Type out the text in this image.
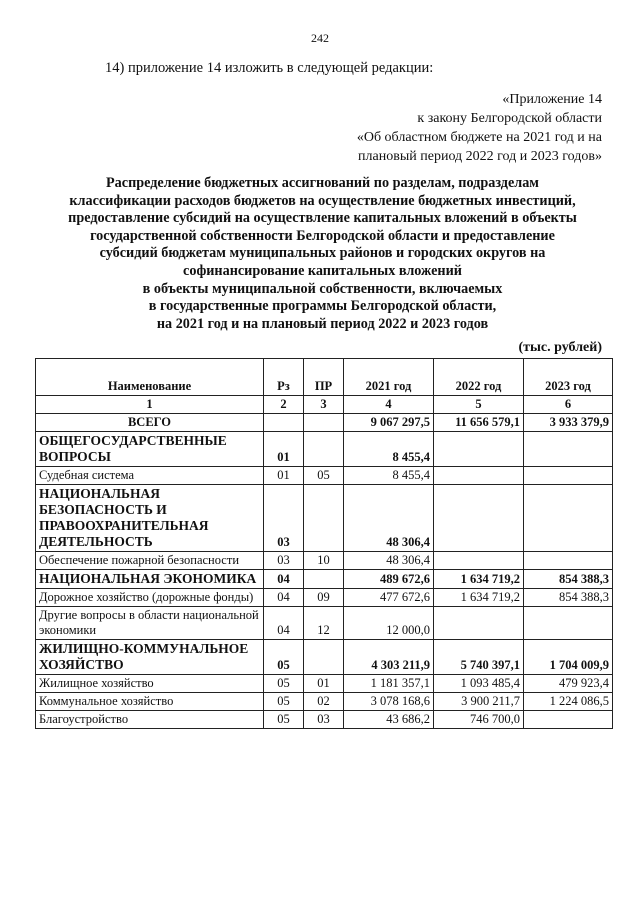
242
14) приложение 14 изложить в следующей редакции:
«Приложение 14
к закону Белгородской области
«Об областном бюджете на 2021 год и на
плановый период 2022 год и 2023 годов»
Распределение бюджетных ассигнований по разделам, подразделам
классификации расходов бюджетов на осуществление бюджетных инвестиций,
предоставление субсидий на осуществление капитальных вложений в объекты
государственной собственности Белгородской области и предоставление
субсидий бюджетам муниципальных районов и городских округов на
софинансирование капитальных вложений
в объекты муниципальной собственности, включаемых
в государственные программы Белгородской области,
на 2021 год и на плановый период 2022 и 2023 годов
(тыс. рублей)
Наименование	Рз	ПР	2021 год	2022 год	2023 год
1	2	3	4	5	6
ВСЕГО			9 067 297,5	11 656 579,1	3 933 379,9
ОБЩЕГОСУДАРСТВЕННЫЕ ВОПРОСЫ	01		8 455,4		
Судебная система	01	05	8 455,4		
НАЦИОНАЛЬНАЯ БЕЗОПАСНОСТЬ И ПРАВООХРАНИТЕЛЬНАЯ ДЕЯТЕЛЬНОСТЬ	03		48 306,4		
Обеспечение пожарной безопасности	03	10	48 306,4		
НАЦИОНАЛЬНАЯ ЭКОНОМИКА	04		489 672,6	1 634 719,2	854 388,3
Дорожное хозяйство (дорожные фонды)	04	09	477 672,6	1 634 719,2	854 388,3
Другие вопросы в области национальной экономики	04	12	12 000,0		
ЖИЛИЩНО-КОММУНАЛЬНОЕ ХОЗЯЙСТВО	05		4 303 211,9	5 740 397,1	1 704 009,9
Жилищное хозяйство	05	01	1 181 357,1	1 093 485,4	479 923,4
Коммунальное хозяйство	05	02	3 078 168,6	3 900 211,7	1 224 086,5
Благоустройство	05	03	43 686,2	746 700,0	
